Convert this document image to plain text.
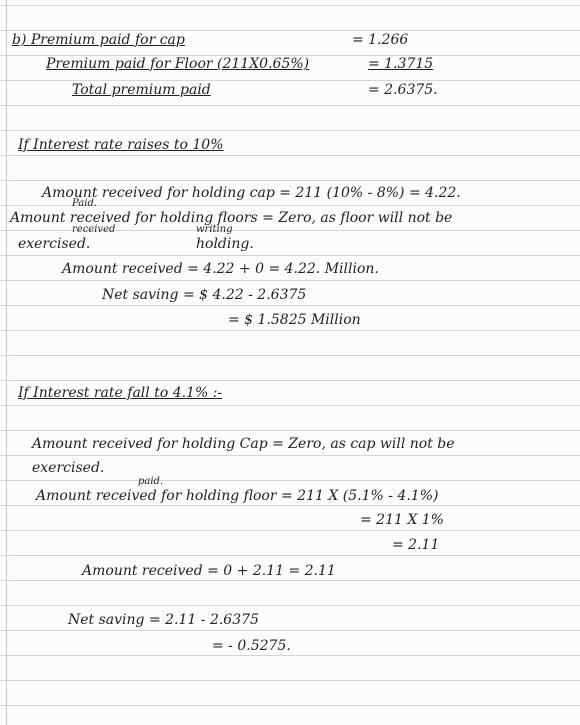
b) Premium paid for cap	= 1.266
Premium paid for Floor (211X0.65%)	= 1.3715
Total premium paid	= 2.6375.
If Interest rate raises to 10%
Amount received for holding cap = 211 (10% - 8%) = 4.22.
Paid.
Amount received for holding floors = Zero, as floor will not be
received	writing
exercised.	holding.
Amount received = 4.22 + 0 = 4.22. Million.
Net saving = $ 4.22 - 2.6375
= $ 1.5825 Million
If Interest rate fall to 4.1% :-
Amount received for holding Cap = Zero, as cap will not be
exercised.
paid.
Amount received for holding floor = 211 X (5.1% - 4.1%)
= 211 X 1%
= 2.11
Amount received = 0 + 2.11 = 2.11
Net saving = 2.11 - 2.6375
= - 0.5275.
